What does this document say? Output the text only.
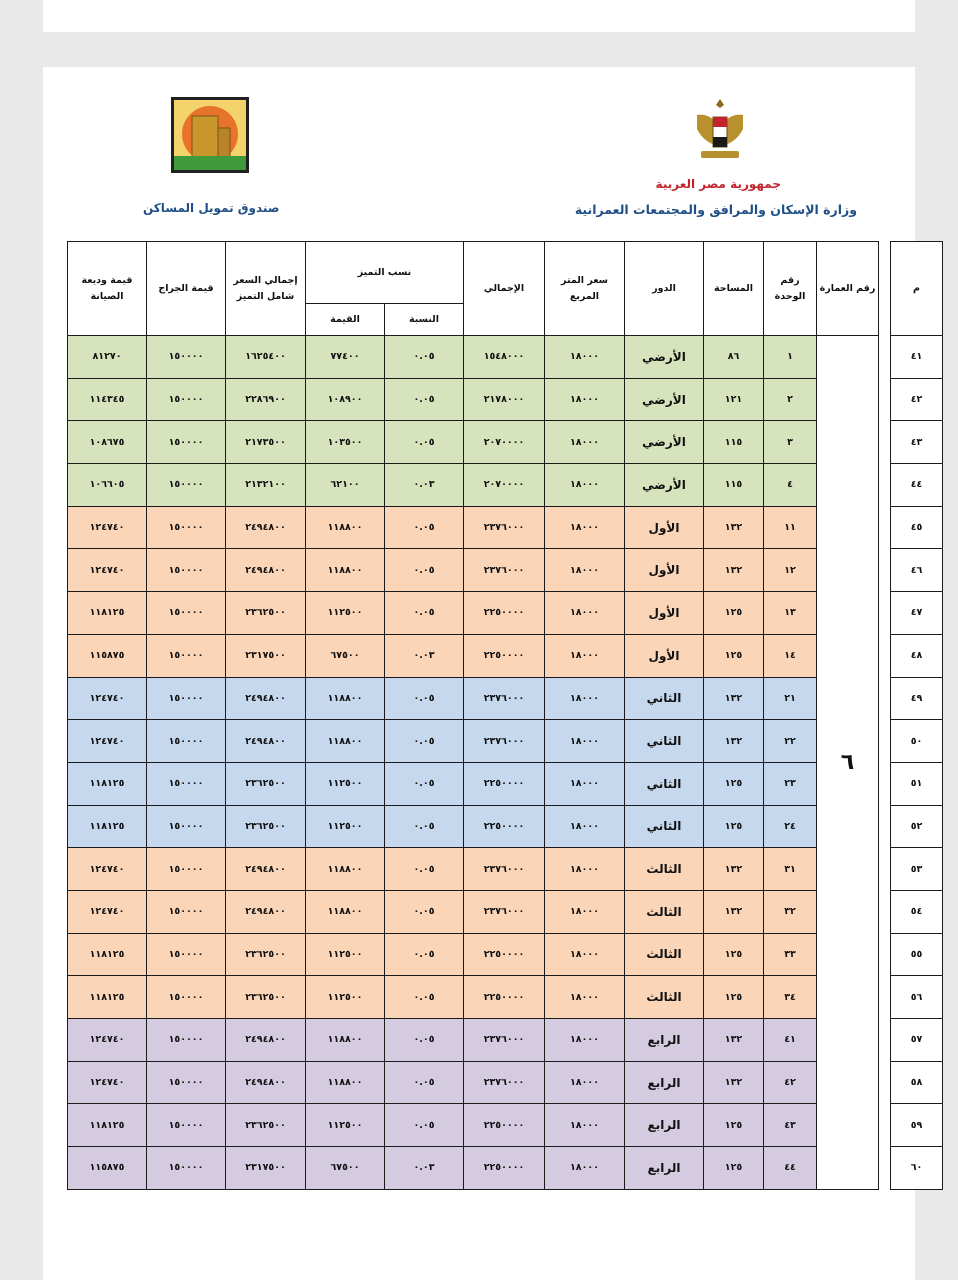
جمهورية مصر العربية
وزارة الإسكان والمرافق والمجتمعات العمرانية
صندوق تمويل المساكن
م		رقم العمارة	رقم الوحدة	المساحة	الدور	سعر المتر المربع	الإجمالي	نسب التميز		إجمالي السعر شامل التميز	قيمة الجراج	قيمة وديعة الصيانة
								النسبة	القيمة			
٤١		٦	١	٨٦	الأرضي	١٨٠٠٠	١٥٤٨٠٠٠	٠.٠٥	٧٧٤٠٠	١٦٢٥٤٠٠	١٥٠٠٠٠	٨١٢٧٠
٤٢			٢	١٢١	الأرضي	١٨٠٠٠	٢١٧٨٠٠٠	٠.٠٥	١٠٨٩٠٠	٢٢٨٦٩٠٠	١٥٠٠٠٠	١١٤٣٤٥
٤٣			٣	١١٥	الأرضي	١٨٠٠٠	٢٠٧٠٠٠٠	٠.٠٥	١٠٣٥٠٠	٢١٧٣٥٠٠	١٥٠٠٠٠	١٠٨٦٧٥
٤٤			٤	١١٥	الأرضي	١٨٠٠٠	٢٠٧٠٠٠٠	٠.٠٣	٦٢١٠٠	٢١٣٢١٠٠	١٥٠٠٠٠	١٠٦٦٠٥
٤٥			١١	١٣٢	الأول	١٨٠٠٠	٢٣٧٦٠٠٠	٠.٠٥	١١٨٨٠٠	٢٤٩٤٨٠٠	١٥٠٠٠٠	١٢٤٧٤٠
٤٦			١٢	١٣٢	الأول	١٨٠٠٠	٢٣٧٦٠٠٠	٠.٠٥	١١٨٨٠٠	٢٤٩٤٨٠٠	١٥٠٠٠٠	١٢٤٧٤٠
٤٧			١٣	١٢٥	الأول	١٨٠٠٠	٢٢٥٠٠٠٠	٠.٠٥	١١٢٥٠٠	٢٣٦٢٥٠٠	١٥٠٠٠٠	١١٨١٢٥
٤٨			١٤	١٢٥	الأول	١٨٠٠٠	٢٢٥٠٠٠٠	٠.٠٣	٦٧٥٠٠	٢٣١٧٥٠٠	١٥٠٠٠٠	١١٥٨٧٥
٤٩			٢١	١٣٢	الثاني	١٨٠٠٠	٢٣٧٦٠٠٠	٠.٠٥	١١٨٨٠٠	٢٤٩٤٨٠٠	١٥٠٠٠٠	١٢٤٧٤٠
٥٠			٢٢	١٣٢	الثاني	١٨٠٠٠	٢٣٧٦٠٠٠	٠.٠٥	١١٨٨٠٠	٢٤٩٤٨٠٠	١٥٠٠٠٠	١٢٤٧٤٠
٥١			٢٣	١٢٥	الثاني	١٨٠٠٠	٢٢٥٠٠٠٠	٠.٠٥	١١٢٥٠٠	٢٣٦٢٥٠٠	١٥٠٠٠٠	١١٨١٢٥
٥٢			٢٤	١٢٥	الثاني	١٨٠٠٠	٢٢٥٠٠٠٠	٠.٠٥	١١٢٥٠٠	٢٣٦٢٥٠٠	١٥٠٠٠٠	١١٨١٢٥
٥٣			٣١	١٣٢	الثالث	١٨٠٠٠	٢٣٧٦٠٠٠	٠.٠٥	١١٨٨٠٠	٢٤٩٤٨٠٠	١٥٠٠٠٠	١٢٤٧٤٠
٥٤			٣٢	١٣٢	الثالث	١٨٠٠٠	٢٣٧٦٠٠٠	٠.٠٥	١١٨٨٠٠	٢٤٩٤٨٠٠	١٥٠٠٠٠	١٢٤٧٤٠
٥٥			٣٣	١٢٥	الثالث	١٨٠٠٠	٢٢٥٠٠٠٠	٠.٠٥	١١٢٥٠٠	٢٣٦٢٥٠٠	١٥٠٠٠٠	١١٨١٢٥
٥٦			٣٤	١٢٥	الثالث	١٨٠٠٠	٢٢٥٠٠٠٠	٠.٠٥	١١٢٥٠٠	٢٣٦٢٥٠٠	١٥٠٠٠٠	١١٨١٢٥
٥٧			٤١	١٣٢	الرابع	١٨٠٠٠	٢٣٧٦٠٠٠	٠.٠٥	١١٨٨٠٠	٢٤٩٤٨٠٠	١٥٠٠٠٠	١٢٤٧٤٠
٥٨			٤٢	١٣٢	الرابع	١٨٠٠٠	٢٣٧٦٠٠٠	٠.٠٥	١١٨٨٠٠	٢٤٩٤٨٠٠	١٥٠٠٠٠	١٢٤٧٤٠
٥٩			٤٣	١٢٥	الرابع	١٨٠٠٠	٢٢٥٠٠٠٠	٠.٠٥	١١٢٥٠٠	٢٣٦٢٥٠٠	١٥٠٠٠٠	١١٨١٢٥
٦٠			٤٤	١٢٥	الرابع	١٨٠٠٠	٢٢٥٠٠٠٠	٠.٠٣	٦٧٥٠٠	٢٣١٧٥٠٠	١٥٠٠٠٠	١١٥٨٧٥
